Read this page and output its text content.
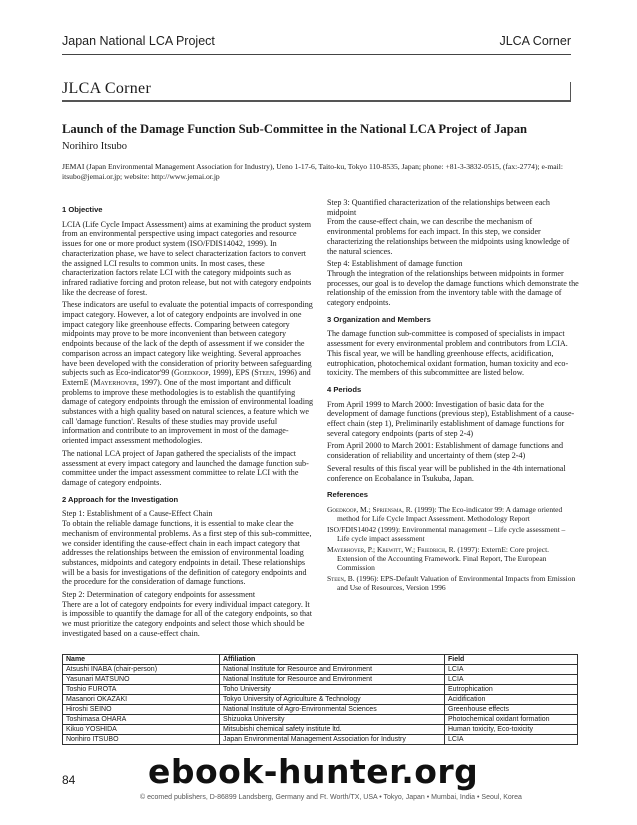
Japan National LCA Project	JLCA Corner
JLCA Corner
Launch of the Damage Function Sub-Committee in the National LCA Project of Japan
Norihiro Itsubo
JEMAI (Japan Environmental Management Association for Industry), Ueno 1-17-6, Taito-ku, Tokyo 110-8535, Japan; phone: +81-3-3832-0515, (fax:-2774); e-mail: itsubo@jemai.or.jp; website: http://www.jemai.or.jp
1 Objective

LCIA (Life Cycle Impact Assessment) aims at examining the product system from an environmental perspective using impact categories and resource issues for one or more product system (ISO/FDIS14042, 1999). In characterization phase, we have to select characterization factors to convert the assigned LCI results to common units. In most cases, these characterization factors relate LCI with the category midpoints such as infrared radiative forcing and proton release, but not with category endpoints like the decrease of forest.

These indicators are useful to evaluate the potential impacts of corresponding impact category. However, a lot of category endpoints are involved in one impact category like greenhouse effects. Comparing between category midpoints may prove to be more inconvenient than between category endpoints because of the lack of the depth of assessment if we consider the comparison across an impact category like weighting. Several approaches have been developed with the consideration of priority between safeguarding subjects such as Eco-indicator'99 (Goedkoop, 1999), EPS (Steen, 1996) and ExternE (Mayerhover, 1997). One of the most important and difficult problems to improve these methodologies is to establish the quantifying damage of category endpoints through the emission of environmental loading substances with a high quality based on natural sciences, a feature which we call 'damage function'. Results of these studies may provide useful information and contribute to an improvement in most of the damage-oriented impact assessment methodologies.

The national LCA project of Japan gathered the specialists of the impact assessment at every impact category and launched the damage function sub-committee under the impact assessment committee to relate LCI with the damage of category endpoints.

2 Approach for the Investigation
Step 1: Establishment of a Cause-Effect Chain

To obtain the reliable damage functions, it is essential to make clear the mechanism of environmental problems. As a first step of this sub-committee, we consider identifing the cause-effect chain in each impact category that addresses the relationships between the emission of environmental loading substances, midpoints and category endpoints in detail. These relationships will be a basis for investigations of the definition of category endpoints and the procedure for the consideration of damage functions.

Step 2: Determination of category endpoints for assessment

There are a lot of category endpoints for every individual impact category. It is impossible to quantify the damage for all of the category endpoints, so that we must prioritize the category endpoints and select those which should be investigated based on a cause-effect chain.

Step 3: Quantified characterization of the relationships between each midpoint

From the cause-effect chain, we can describe the mechanism of environmental problems for each impact. In this step, we consider characterizing the relationships between the midpoints using knowledge of the natural sciences.

Step 4: Establishment of damage function

Through the integration of the relationships between midpoints in former processes, our goal is to develop the damage functions which demonstrate the relationship of the emission from the inventory table with the damage of category endpoints.

3 Organization and Members

The damage function sub-committee is composed of specialists in impact assessment for every environmental problem and contributors from LCIA. This fiscal year, we will be handling greenhouse effects, acidification, eutrophication, photochemical oxidant formation, human toxicity and eco-toxicity. The members of this subcommittee are listed below.

4 Periods

From April 1999 to March 2000: Investigation of basic data for the development of damage functions (previous step), Establishment of a cause-effect chain (step 1), Preliminarily establishment of damage functions for several category endpoints (parts of step 2-4)

From April 2000 to March 2001: Establishment of damage functions and consideration of reliability and uncertainty of them (step 2-4)

Several results of this fiscal year will be published in the 4th international conference on Ecobalance in Tsukuba, Japan.

References

Goedkoop, M.; Spriensma, R. (1999): The Eco-indicator 99: A damage oriented method for Life Cycle Impact Assessment. Methodology Report

ISO/FDIS14042 (1999): Environmental management – Life cycle assessment – Life cycle impact assessment

Mayerhover, P.; Krewitt, W.; Friedrich, R. (1997): ExternE: Core project. Extension of the Accounting Framework. Final Report, The European Commission

Steen, B. (1996): EPS-Default Valuation of Environmental Impacts from Emission and Use of Resources, Version 1996

Name	Affiliation	Field
Atsushi INABA (chair-person)	National Institute for Resource and Environment	LCIA
Yasunari MATSUNO	National Institute for Resource and Environment	LCIA
Toshio FUROTA	Toho University	Eutrophication
Masanori OKAZAKI	Tokyo University of Agriculture & Technology	Acidification
Hiroshi SEINO	National Institute of Agro-Environmental Sciences	Greenhouse effects
Toshimasa OHARA	Shizuoka University	Photochemical oxidant formation
Kikuo YOSHIDA	Mitsubishi chemical safety institute ltd.	Human toxicity, Eco-toxicity
Norihiro ITSUBO	Japan Environmental Management Association for Industry	LCIA
84
© ecomed publishers, D-86899 Landsberg, Germany and Ft. Worth/TX, USA • Tokyo, Japan • Mumbai, India • Seoul, Korea
ebook-hunter.org
